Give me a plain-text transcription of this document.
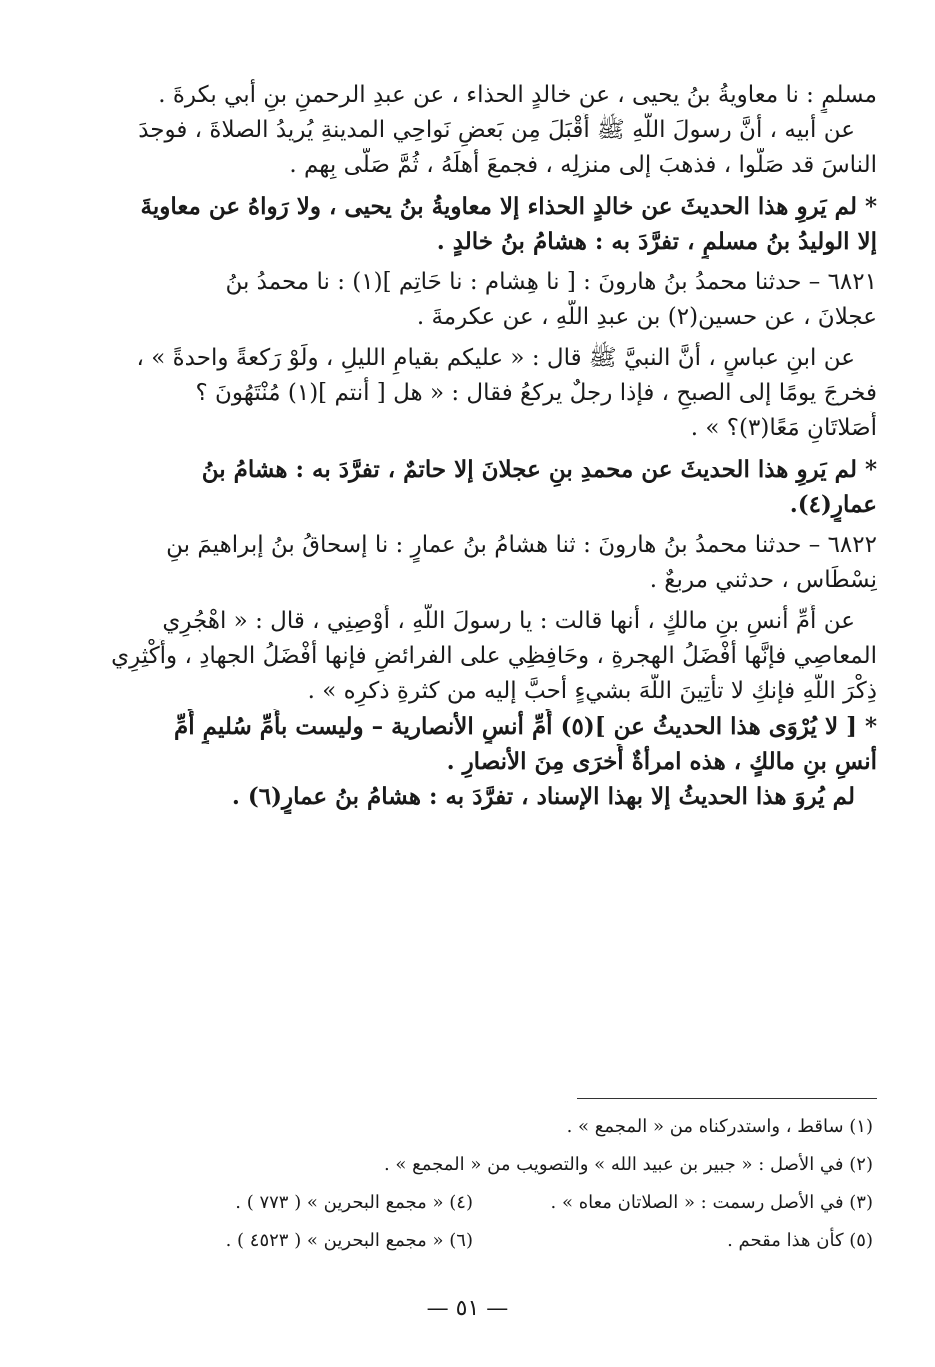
مسلمٍ : نا معاويةُ بنُ يحيى ، عن خالدٍ الحذاء ، عن عبدِ الرحمنِ بنِ أبي بكرةَ .

عن أبيه ، أنَّ رسولَ اللَّهِ ﷺ أَقْبَلَ مِن بَعضِ نَواحِي المدينةِ يُريدُ الصلاةَ ، فوجدَ

الناسَ قد صَلَّوا ، فذهبَ إلى منزلِه ، فجمعَ أهلَهُ ، ثُمَّ صَلَّى بِهم .

* لم يَروِ هذا الحديثَ عن خالدٍ الحذاء إلا معاويةُ بنُ يحيى ، ولا رَواهُ عن معاويةَ

إلا الوليدُ بنُ مسلمٍ ، تفرَّدَ به : هشامُ بنُ خالدٍ .

٦٨٢١ – حدثنا محمدُ بنُ هارونَ : [ نا هِشام : نا حَاتِم ](١) : نا محمدُ بنُ

عجلانَ ، عن حسين(٢) بن عبدِ اللَّهِ ، عن عكرمةَ .

عن ابنِ عباسٍ ، أنَّ النبيَّ ﷺ قال : « عليكم بقيامِ الليلِ ، ولَوْ رَكعةً واحدةً » ،

فخرجَ يومًا إلى الصبحِ ، فإذا رجلٌ يركعُ فقال : « هل [ أنتم ](١) مُنْتَهُونَ ؟

أَصَلاتَانِ مَعًا(٣)؟ » .

* لم يَروِ هذا الحديثَ عن محمدِ بنِ عجلانَ إلا حاتمٌ ، تفرَّدَ به : هشامُ بنُ

عمارٍ(٤).

٦٨٢٢ – حدثنا محمدُ بنُ هارونَ : ثنا هشامُ بنُ عمارٍ : نا إسحاقُ بنُ إبراهيمَ بنِ

نِسْطَاس ، حدثني مربعٌ .

عن أُمِّ أنسِ بنِ مالكٍ ، أنها قالت : يا رسولَ اللَّهِ ، أَوْصِنِي ، قال : « اهْجُرِي

المعاصِي فإنَّها أفْضَلُ الهجرةِ ، وحَافِظِي على الفرائضِ فإنها أفْضَلُ الجهادِ ، وأَكْثِرِي

ذِكْرَ اللَّهِ فإنكِ لا تأْتِينَ اللَّهَ بشيءٍ أحبَّ إليه من كثرةِ ذكرِه » .

* [ لا يُرْوَى هذا الحديثُ عن ](٥) أُمِّ أنسٍ الأنصارية – وليست بأُمِّ سُليمٍ أُمِّ

أنسِ بنِ مالكٍ ، هذه امرأةٌ أُخرَى مِنَ الأنصارِ .

لم يُروَ هذا الحديثُ إلا بهذا الإسناد ، تفرَّدَ به : هشامُ بنُ عمارٍ(٦) .

(١) ساقط ، واستدركناه من « المجمع » .
(٢) في الأصل : « جبير بن عبيد الله » والتصويب من « المجمع » .
(٣) في الأصل رسمت : « الصلاتان معاه » .
(٤) « مجمع البحرين » ( ٧٧٣ ) .
(٥) كأن هذا مقحم .
(٦) « مجمع البحرين » ( ٤٥٢٣ ) .
— ٥١ —
